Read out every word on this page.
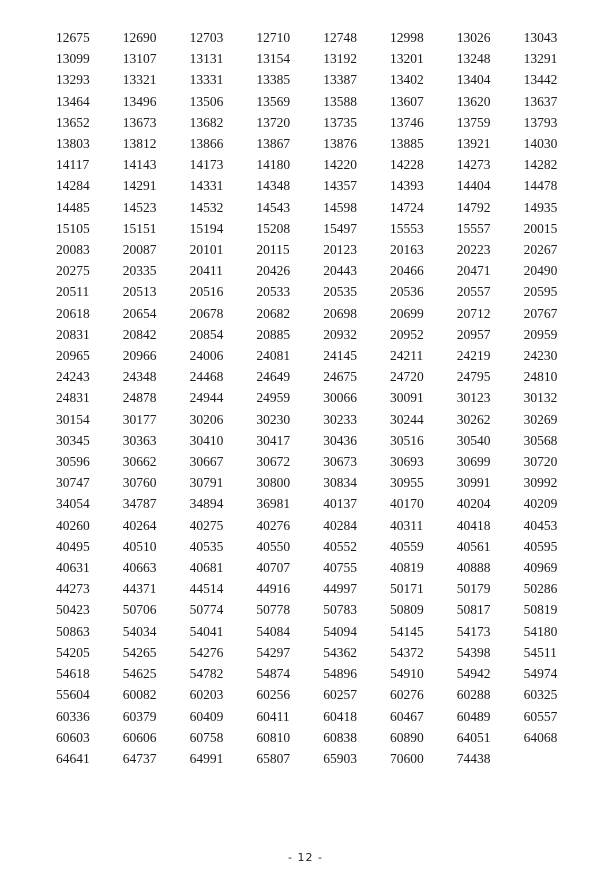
12675	12690	12703	12710	12748	12998	13026	13043
13099	13107	13131	13154	13192	13201	13248	13291
13293	13321	13331	13385	13387	13402	13404	13442
13464	13496	13506	13569	13588	13607	13620	13637
13652	13673	13682	13720	13735	13746	13759	13793
13803	13812	13866	13867	13876	13885	13921	14030
14117	14143	14173	14180	14220	14228	14273	14282
14284	14291	14331	14348	14357	14393	14404	14478
14485	14523	14532	14543	14598	14724	14792	14935
15105	15151	15194	15208	15497	15553	15557	20015
20083	20087	20101	20115	20123	20163	20223	20267
20275	20335	20411	20426	20443	20466	20471	20490
20511	20513	20516	20533	20535	20536	20557	20595
20618	20654	20678	20682	20698	20699	20712	20767
20831	20842	20854	20885	20932	20952	20957	20959
20965	20966	24006	24081	24145	24211	24219	24230
24243	24348	24468	24649	24675	24720	24795	24810
24831	24878	24944	24959	30066	30091	30123	30132
30154	30177	30206	30230	30233	30244	30262	30269
30345	30363	30410	30417	30436	30516	30540	30568
30596	30662	30667	30672	30673	30693	30699	30720
30747	30760	30791	30800	30834	30955	30991	30992
34054	34787	34894	36981	40137	40170	40204	40209
40260	40264	40275	40276	40284	40311	40418	40453
40495	40510	40535	40550	40552	40559	40561	40595
40631	40663	40681	40707	40755	40819	40888	40969
44273	44371	44514	44916	44997	50171	50179	50286
50423	50706	50774	50778	50783	50809	50817	50819
50863	54034	54041	54084	54094	54145	54173	54180
54205	54265	54276	54297	54362	54372	54398	54511
54618	54625	54782	54874	54896	54910	54942	54974
55604	60082	60203	60256	60257	60276	60288	60325
60336	60379	60409	60411	60418	60467	60489	60557
60603	60606	60758	60810	60838	60890	64051	64068
64641	64737	64991	65807	65903	70600	74438	
- 12 -
